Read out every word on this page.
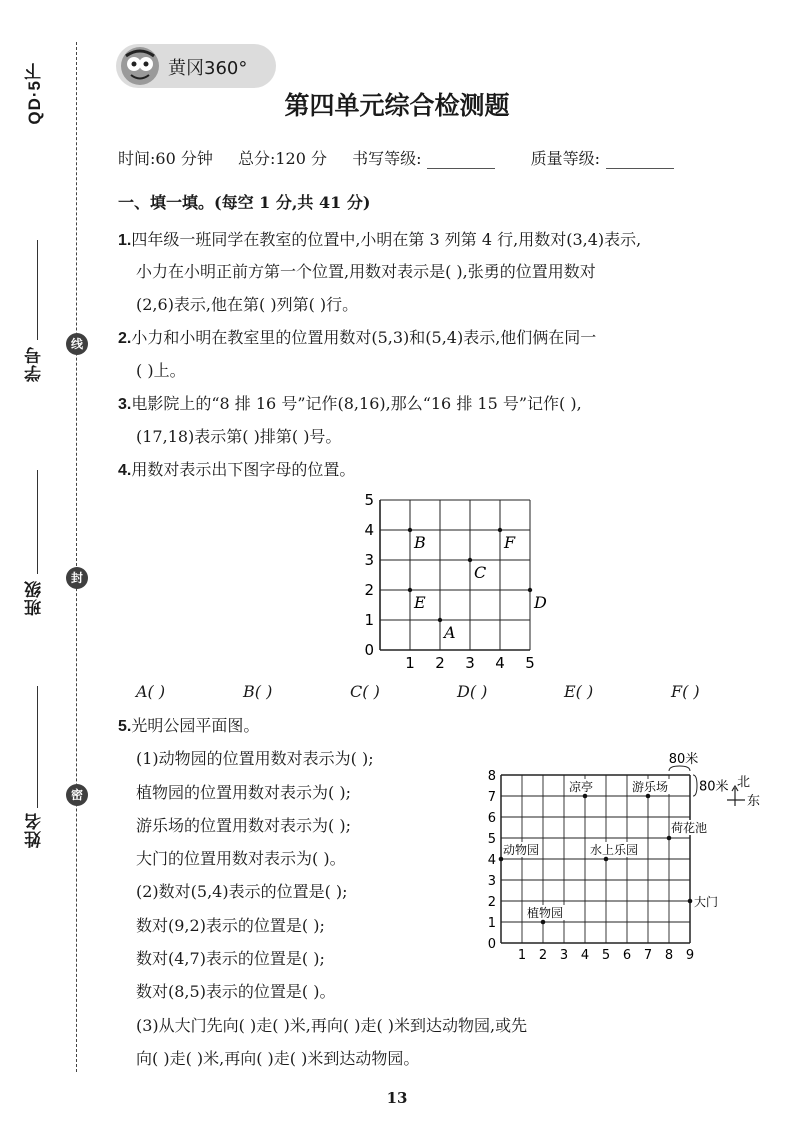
QD·5下
学号
线
班级
封
姓名
密
黄冈360°
第四单元综合检测题
时间:60 分钟 总分:120 分 书写等级:	质量等级:
一、填一填。(每空 1 分,共 41 分)
1.四年级一班同学在教室的位置中,小明在第 3 列第 4 行,用数对(3,4)表示,
小力在小明正前方第一个位置,用数对表示是( ),张勇的位置用数对
(2,6)表示,他在第( )列第( )行。
2.小力和小明在教室里的位置用数对(5,3)和(5,4)表示,他们俩在同一
( )上。
3.电影院上的“8 排 16 号”记作(8,16),那么“16 排 15 号”记作( ),
(17,18)表示第( )排第( )号。
4.用数对表示出下图字母的位置。
1 2 3 4 5
0
1
2
3
4
5
A
B
C
D
E
F
A( )	B( )	C( )	D( )	E( )	F( )
5.光明公园平面图。
(1)动物园的位置用数对表示为( );
植物园的位置用数对表示为( );
游乐场的位置用数对表示为( );
大门的位置用数对表示为( )。
(2)数对(5,4)表示的位置是( );
数对(9,2)表示的位置是( );
数对(4,7)表示的位置是( );
数对(8,5)表示的位置是( )。
(3)从大门先向( )走( )米,再向( )走( )米到达动物园,或先
向( )走( )米,再向( )走( )米到达动物园。
1 2 3 4 5 6 7 8 9
0
1
2
3
4
5
6
7
8
凉亭	游乐场
荷花池
动物园	水上乐园
大门
植物园
80米
80米 北
东
13
